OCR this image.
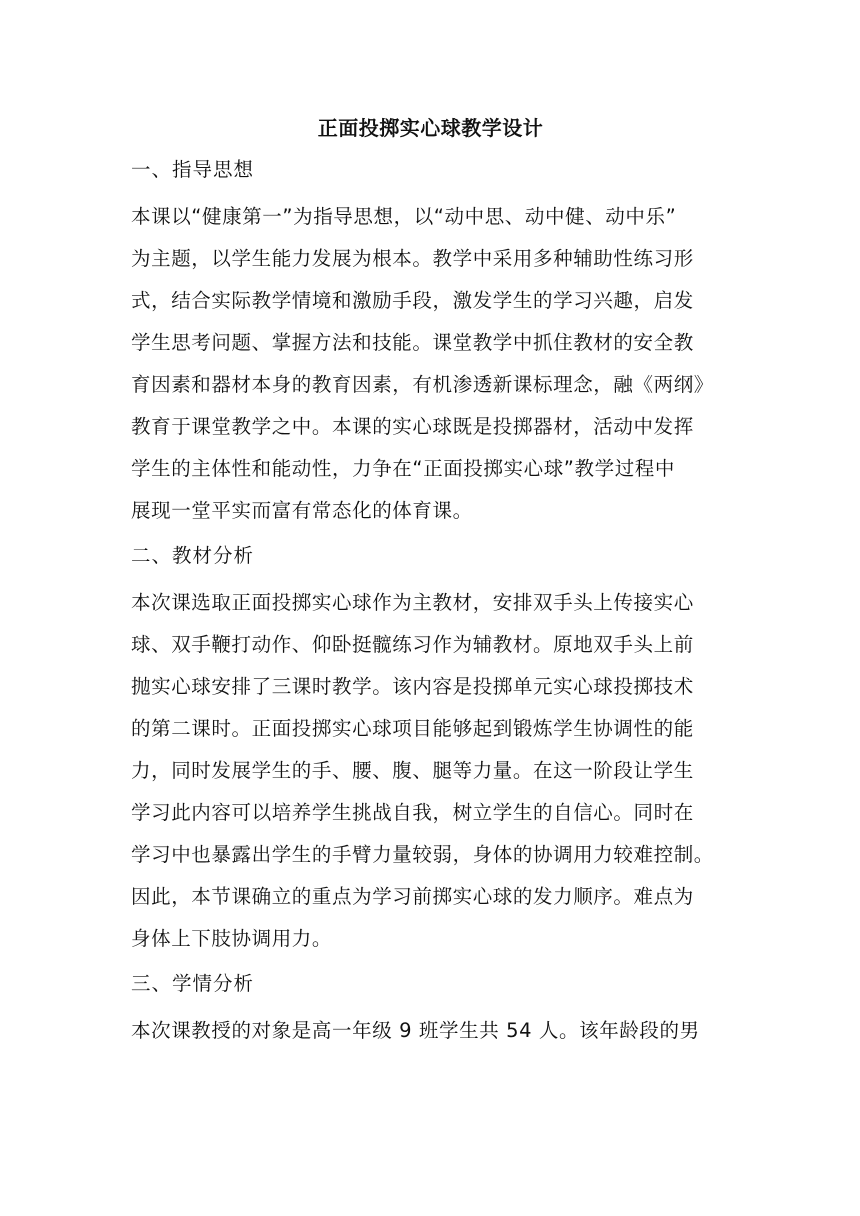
正面投掷实心球教学设计
一、指导思想
本课以“健康第一”为指导思想，以“动中思、动中健、动中乐”
为主题，以学生能力发展为根本。教学中采用多种辅助性练习形
式，结合实际教学情境和激励手段，激发学生的学习兴趣，启发
学生思考问题、掌握方法和技能。课堂教学中抓住教材的安全教
育因素和器材本身的教育因素，有机渗透新课标理念，融《两纲》
教育于课堂教学之中。本课的实心球既是投掷器材，活动中发挥
学生的主体性和能动性，力争在“正面投掷实心球”教学过程中
展现一堂平实而富有常态化的体育课。
二、教材分析
本次课选取正面投掷实心球作为主教材，安排双手头上传接实心
球、双手鞭打动作、仰卧挺髋练习作为辅教材。原地双手头上前
抛实心球安排了三课时教学。该内容是投掷单元实心球投掷技术
的第二课时。正面投掷实心球项目能够起到锻炼学生协调性的能
力，同时发展学生的手、腰、腹、腿等力量。在这一阶段让学生
学习此内容可以培养学生挑战自我，树立学生的自信心。同时在
学习中也暴露出学生的手臂力量较弱，身体的协调用力较难控制。
因此，本节课确立的重点为学习前掷实心球的发力顺序。难点为
身体上下肢协调用力。
三、学情分析
本次课教授的对象是高一年级 9 班学生共 54 人。该年龄段的男
